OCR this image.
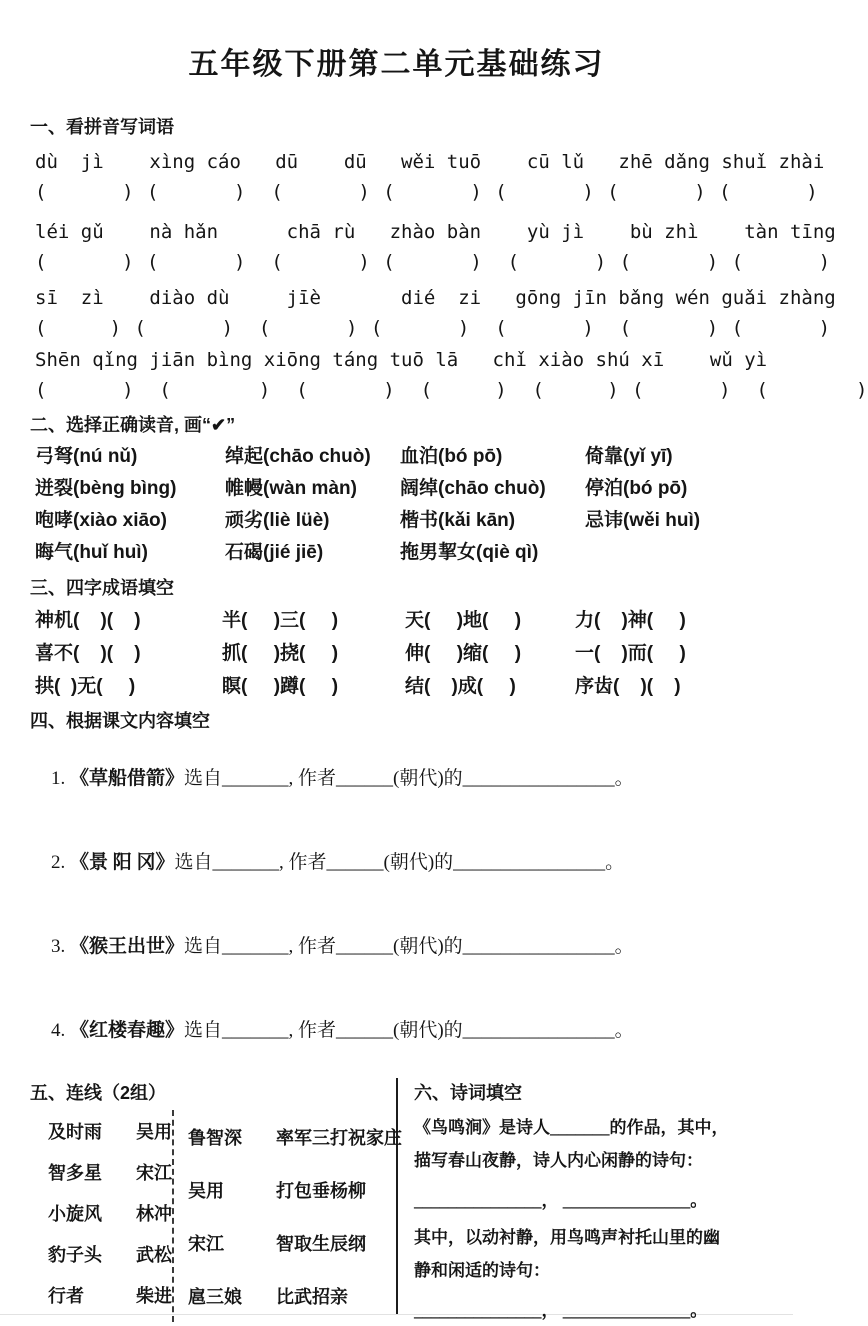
五年级下册第二单元基础练习
一、看拼音写词语
dù  jì    xìng cáo   dū    dū   wěi tuō    cū lǔ   zhē dǎng shuǐ zhài
(      ) (      )  (      ) (      ) (      ) (      ) (      )
léi gǔ    nà hǎn      chā rù   zhào bàn    yù jì    bù zhì    tàn tīng
(      ) (      )  (      ) (      )  (      ) (      ) (      )
sī  zì    diào dù     jīè       dié  zi   gōng jīn bǎng wén guǎi zhàng
(     ) (      )  (      ) (      )  (      )  (      ) (      )
Shēn qǐng jiān bìng xiōng táng tuō lā   chǐ xiào shú xī    wǔ yì
(      )  (       )  (      )  (     )  (     ) (      )  (       )
二、选择正确读音, 画“✔”
弓弩(nú nǔ)	绰起(chāo chuò)	血泊(bó pō)	倚靠(yǐ yī)
迸裂(bèng bìng)	帷幔(wàn màn)	阔绰(chāo chuò)	停泊(bó pō)
咆哮(xiào xiāo)	顽劣(liè lüè)	楷书(kǎi kān)	忌讳(wěi huì)
晦气(huǐ huì)	石碣(jié jiē)	拖男挈女(qiè qì)
三、四字成语填空
神机(    )(    )	半(     )三(     )	天(     )地(     )	力(    )神(     )
喜不(    )(    )	抓(     )挠(     )	伸(     )缩(     )	一(    )而(     )
拱(  )无(     )	瞑(     )蹲(     )	结(    )成(     )	序齿(    )(    )
四、根据课文内容填空

1. 《草船借箭》选自_______, 作者______(朝代)的________________。

2. 《景 阳 冈》选自_______, 作者______(朝代)的________________。

3. 《猴王出世》选自_______, 作者______(朝代)的________________。

4. 《红楼春趣》选自_______, 作者______(朝代)的________________。

五、连线（2组）
及时雨	吴用
智多星	宋江
小旋风	林冲
豹子头	武松
行者	柴进
鲁智深	率军三打祝家庄
吴用	打包垂杨柳
宋江	智取生辰纲
扈三娘	比武招亲
六、诗词填空
《鸟鸣涧》是诗人_______的作品，其中，
描写春山夜静，诗人内心闲静的诗句：
_______________， _______________。
其中，以动衬静，用鸟鸣声衬托山里的幽
静和闲适的诗句：
_______________， _______________。
